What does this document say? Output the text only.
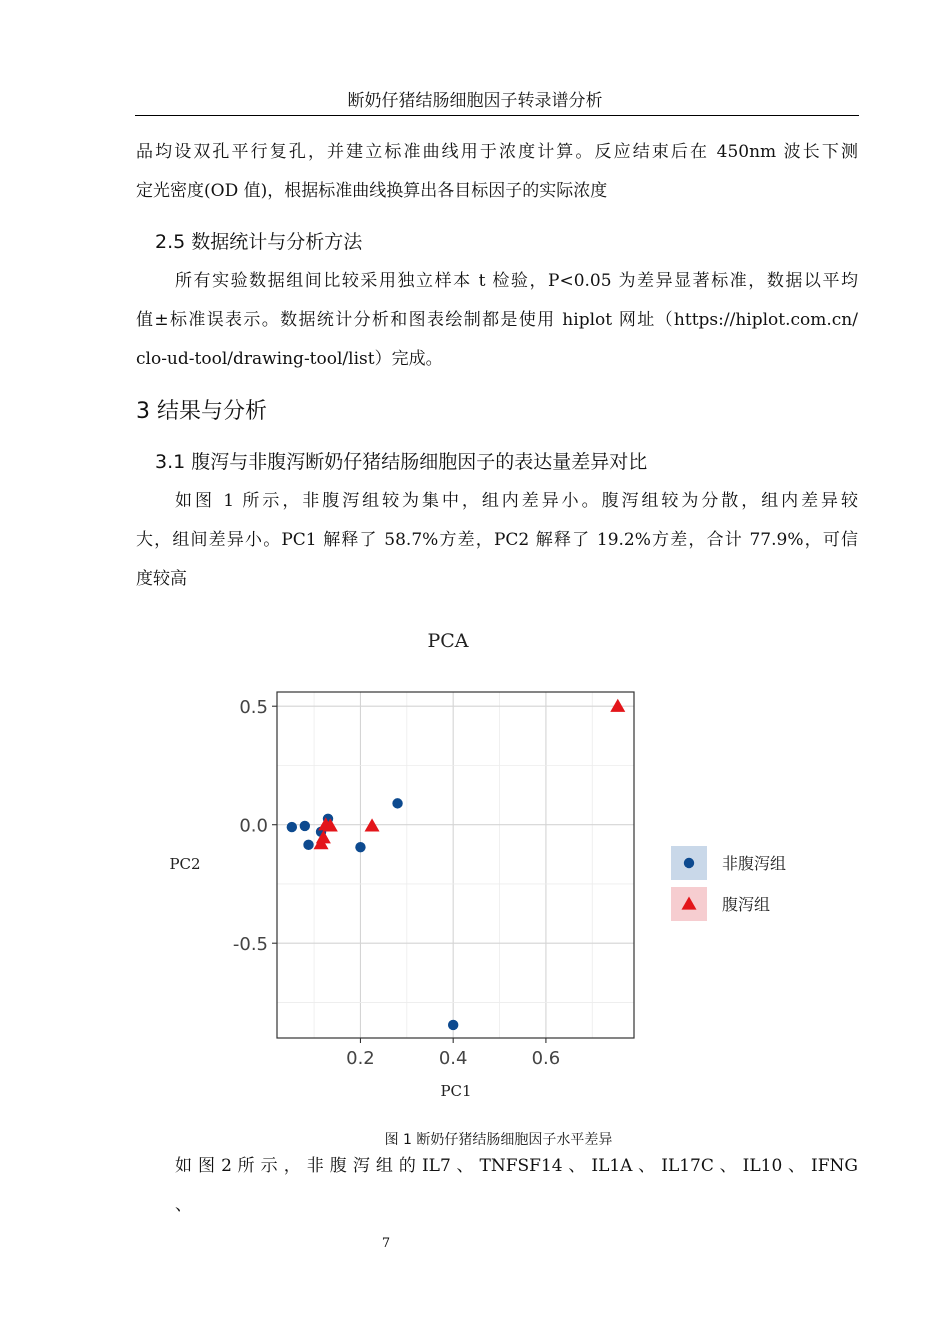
断奶仔猪结肠细胞因子转录谱分析
品均设双孔平行复孔，并建立标准曲线用于浓度计算。反应结束后在 450nm 波长下测
定光密度(OD 值)，根据标准曲线换算出各目标因子的实际浓度
2.5 数据统计与分析方法
所有实验数据组间比较采用独立样本 t 检验，P<0.05 为差异显著标准，数据以平均
值±标准误表示。数据统计分析和图表绘制都是使用 hiplot 网址（https://hiplot.com.cn/
clo-ud-tool/drawing-tool/list）完成。
3 结果与分析
3.1 腹泻与非腹泻断奶仔猪结肠细胞因子的表达量差异对比
如图 1 所示，非腹泻组较为集中，组内差异小。腹泻组较为分散，组内差异较
大，组间差异小。PC1 解释了 58.7%方差，PC2 解释了 19.2%方差，合计 77.9%，可信
度较高
0.2	0.4	0.6
0.5
0.0
-0.5
PCA
PC1
PC2	非腹泻组
腹泻组
图 1 断奶仔猪结肠细胞因子水平差异
如 图 2 所 示 ， 非 腹 泻 组 的 IL7 、 TNFSF14 、 IL1A 、 IL17C 、 IL10 、 IFNG 、
7
